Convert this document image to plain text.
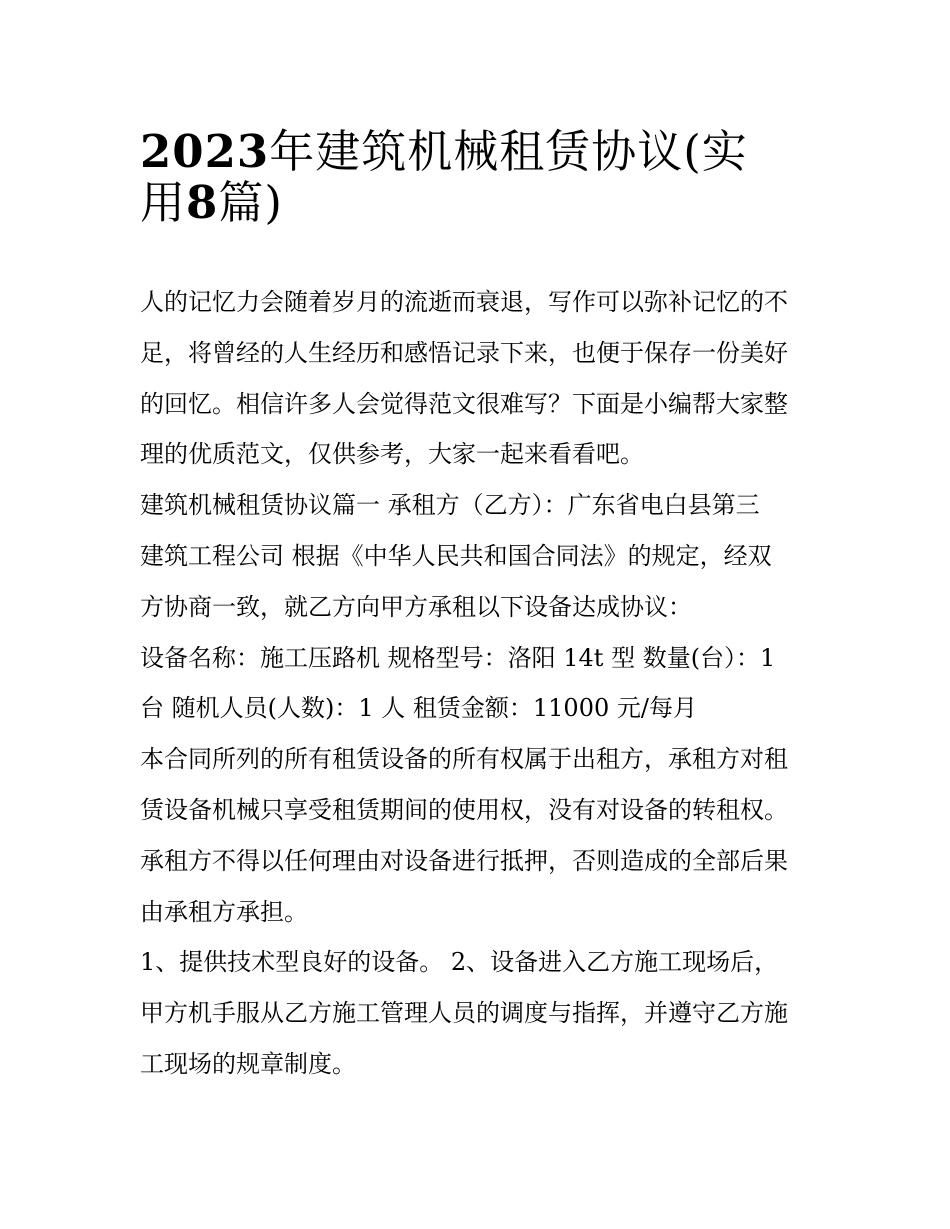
2023年建筑机械租赁协议(实
用8篇)
人的记忆力会随着岁月的流逝而衰退，写作可以弥补记忆的不
足，将曾经的人生经历和感悟记录下来，也便于保存一份美好
的回忆。相信许多人会觉得范文很难写？下面是小编帮大家整
理的优质范文，仅供参考，大家一起来看看吧。
建筑机械租赁协议篇一 承租方（乙方）：广东省电白县第三
建筑工程公司 根据《中华人民共和国合同法》的规定，经双
方协商一致，就乙方向甲方承租以下设备达成协议：
设备名称：施工压路机 规格型号：洛阳 14t 型 数量(台）：1
台 随机人员(人数)：1 人 租赁金额：11000 元/每月
本合同所列的所有租赁设备的所有权属于出租方，承租方对租
赁设备机械只享受租赁期间的使用权，没有对设备的转租权。
承租方不得以任何理由对设备进行抵押，否则造成的全部后果
由承租方承担。
1、提供技术型良好的设备。 2、设备进入乙方施工现场后，
甲方机手服从乙方施工管理人员的调度与指挥，并遵守乙方施
工现场的规章制度。
